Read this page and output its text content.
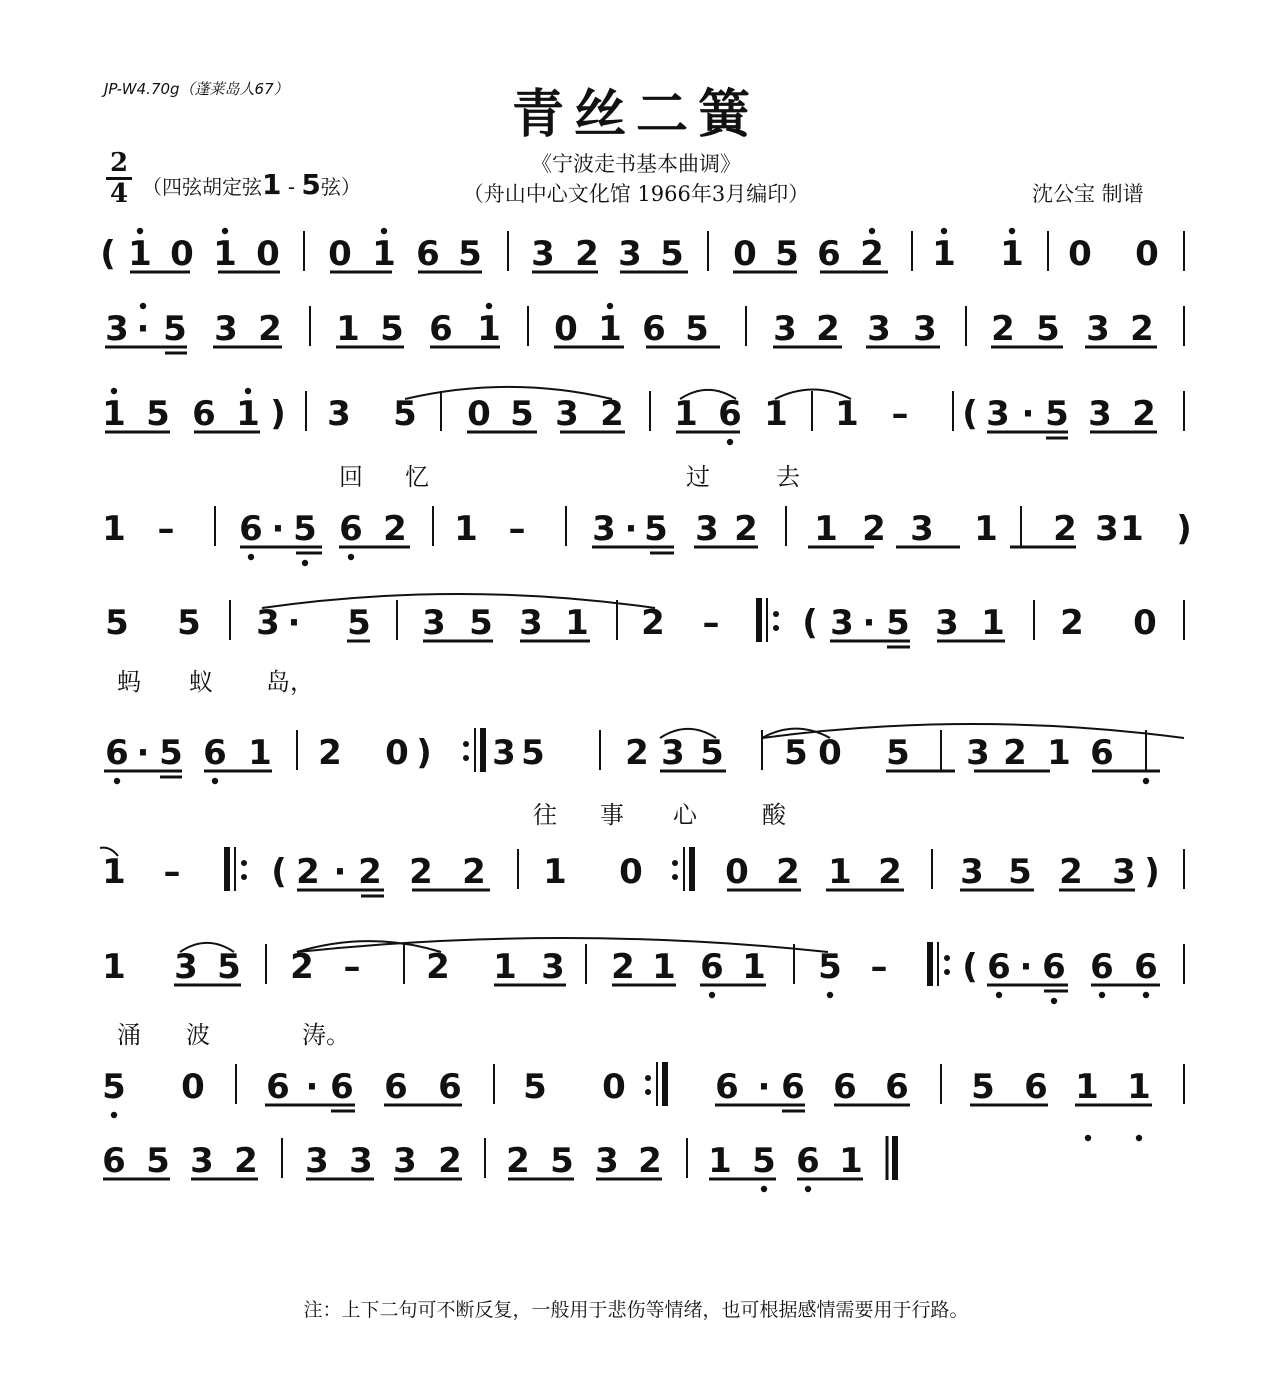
JP-W4.70g（蓬莱岛人67）	青丝二簧
2
4 （四弦胡定弦1 - 5弦）
《宁波走书基本曲调》
（舟山中心文化馆 1966年3月编印）	沈公宝 制谱
( 1 0 1 0 0 1 6 5 3 2 3 5 0 5 6 2 1 1 0 0
3 · 5 3 2 1 5 6 1 0 1 6 5 3 2 3 3 2 5 3 2
1 5 6 1 ) 3 5 0 5 3 2 1 6 1 1 – ( 3 · 5 3 2
1 – 6 · 5 6 2 1 – 3 · 5 3 2 1 2 3 1 2 3 1 )
5 5 3 · 5 3 5 3 1 2 – ( 3 · 5 3 1 2 0
6 · 5 6 1 2 0 ) 3 5 2 3 5 5 0 5 3 2 1 6
1 –	( 2 · 2 2 2 1 0 0 2 1 2 3 5 2 3 )
1 3 5 2 – 2 1 3 2 1 6 1 5 – ( 6 · 6 6 6
5 0 6 · 6 6 6 5 0	6 · 6 6 6 5 6 1 1
6 5 3 2 3 3 3 2 2 5 3 2 1 5 6 1
回 忆	过	去
蚂 蚁 岛，
往 事 心	酸
涌 波	涛。
注：上下二句可不断反复，一般用于悲伤等情绪，也可根据感情需要用于行路。
